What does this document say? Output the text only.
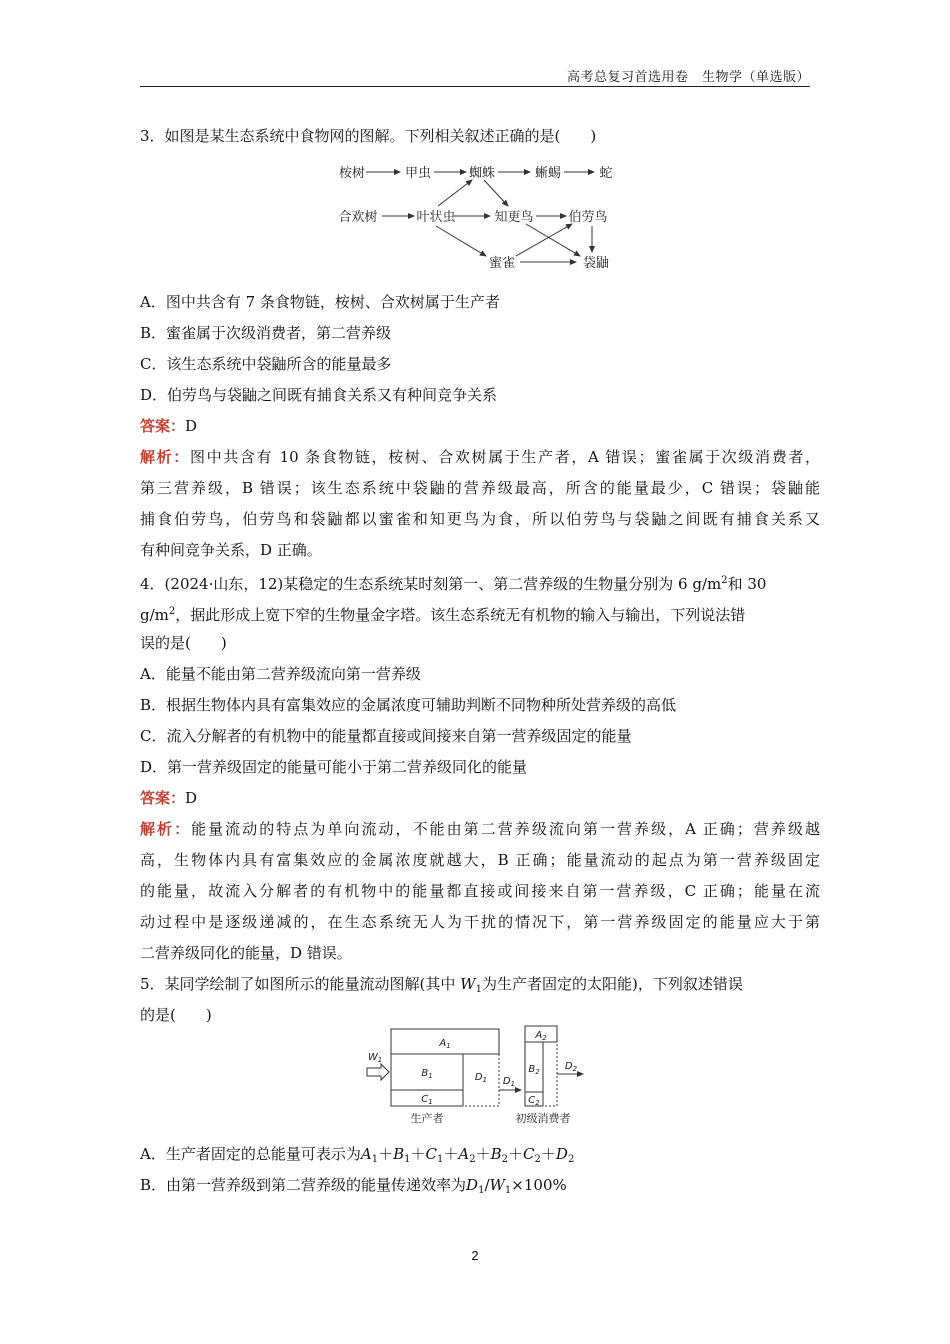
高考总复习首选用卷　生物学（单选版）
3．如图是某生态系统中食物网的图解。下列相关叙述正确的是(　　)
桉树	甲虫	蜘蛛	蜥蜴	蛇
合欢树	叶状虫	知更鸟	伯劳鸟
蜜雀	袋鼬
A．图中共含有 7 条食物链，桉树、合欢树属于生产者
B．蜜雀属于次级消费者，第二营养级
C．该生态系统中袋鼬所含的能量最多
D．伯劳鸟与袋鼬之间既有捕食关系又有种间竞争关系
答案：D
解析：图中共含有 10 条食物链，桉树、合欢树属于生产者，A 错误；蜜雀属于次级消费者，
第三营养级，B 错误；该生态系统中袋鼬的营养级最高，所含的能量最少，C 错误；袋鼬能
捕食伯劳鸟，伯劳鸟和袋鼬都以蜜雀和知更鸟为食，所以伯劳鸟与袋鼬之间既有捕食关系又
有种间竞争关系，D 正确。
4．(2024·山东，12)某稳定的生态系统某时刻第一、第二营养级的生物量分别为 6 $g/m^2$和 30
$g/m^2$，据此形成上宽下窄的生物量金字塔。该生态系统无有机物的输入与输出，下列说法错
误的是(　　)
A．能量不能由第二营养级流向第一营养级
B．根据生物体内具有富集效应的金属浓度可辅助判断不同物种所处营养级的高低
C．流入分解者的有机物中的能量都直接或间接来自第一营养级固定的能量
D．第一营养级固定的能量可能小于第二营养级同化的能量
答案：D
解析：能量流动的特点为单向流动，不能由第二营养级流向第一营养级，A 正确；营养级越
高，生物体内具有富集效应的金属浓度就越大，B 正确；能量流动的起点为第一营养级固定
的能量，故流入分解者的有机物中的能量都直接或间接来自第一营养级，C 正确；能量在流
动过程中是逐级递减的，在生态系统无人为干扰的情况下，第一营养级固定的能量应大于第
二营养级同化的能量，D 错误。
5．某同学绘制了如图所示的能量流动图解(其中 $W_1$为生产者固定的太阳能)，下列叙述错误
的是(　　)
$W_1$
$A_1$
$B_1$
$C_1$
$D_1$ $D_1$
$A_2$
$B_2$
$C_2$
$D_2$
生产者	初级消费者
A．生产者固定的总能量可表示为$A_1+B_1+C_1+A_2+B_2+C_2+D_2$
B．由第一营养级到第二营养级的能量传递效率为$D_1/W_1\times 100\%$
2
